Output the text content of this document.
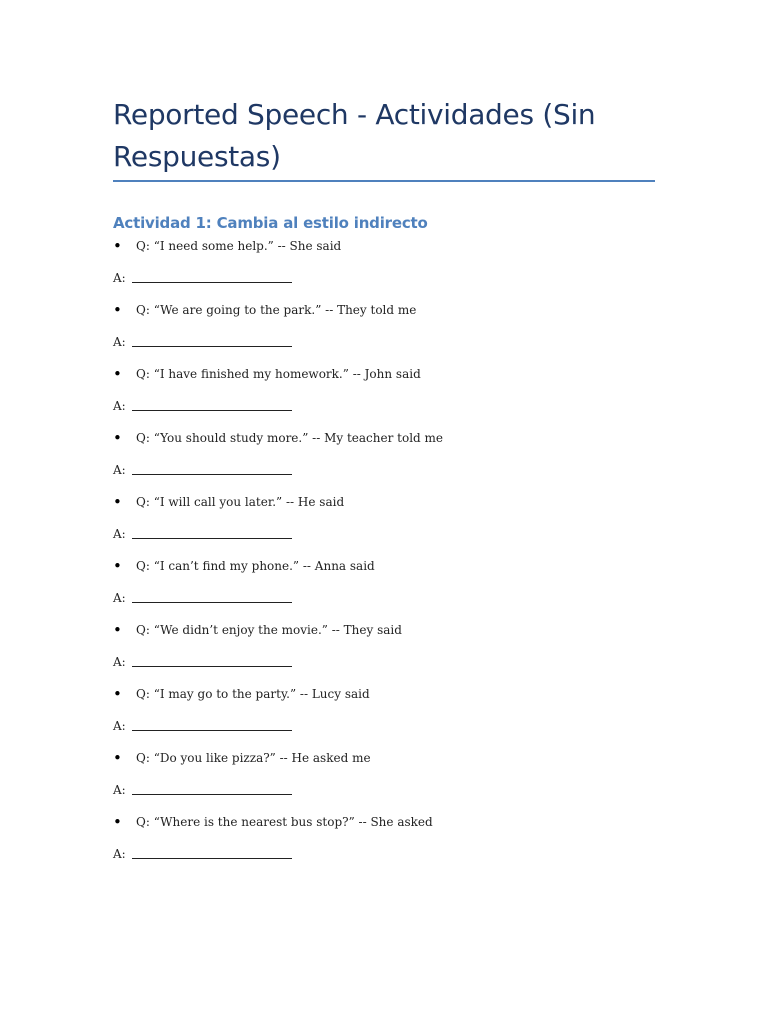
Reported Speech - Actividades (Sin Respuestas)
Actividad 1: Cambia al estilo indirecto
• Q: “I need some help.” -- She said
A:
• Q: “We are going to the park.” -- They told me
A:
• Q: “I have finished my homework.” -- John said
A:
• Q: “You should study more.” -- My teacher told me
A:
• Q: “I will call you later.” -- He said
A:
• Q: “I can’t find my phone.” -- Anna said
A:
• Q: “We didn’t enjoy the movie.” -- They said
A:
• Q: “I may go to the party.” -- Lucy said
A:
• Q: “Do you like pizza?” -- He asked me
A:
• Q: “Where is the nearest bus stop?” -- She asked
A:
